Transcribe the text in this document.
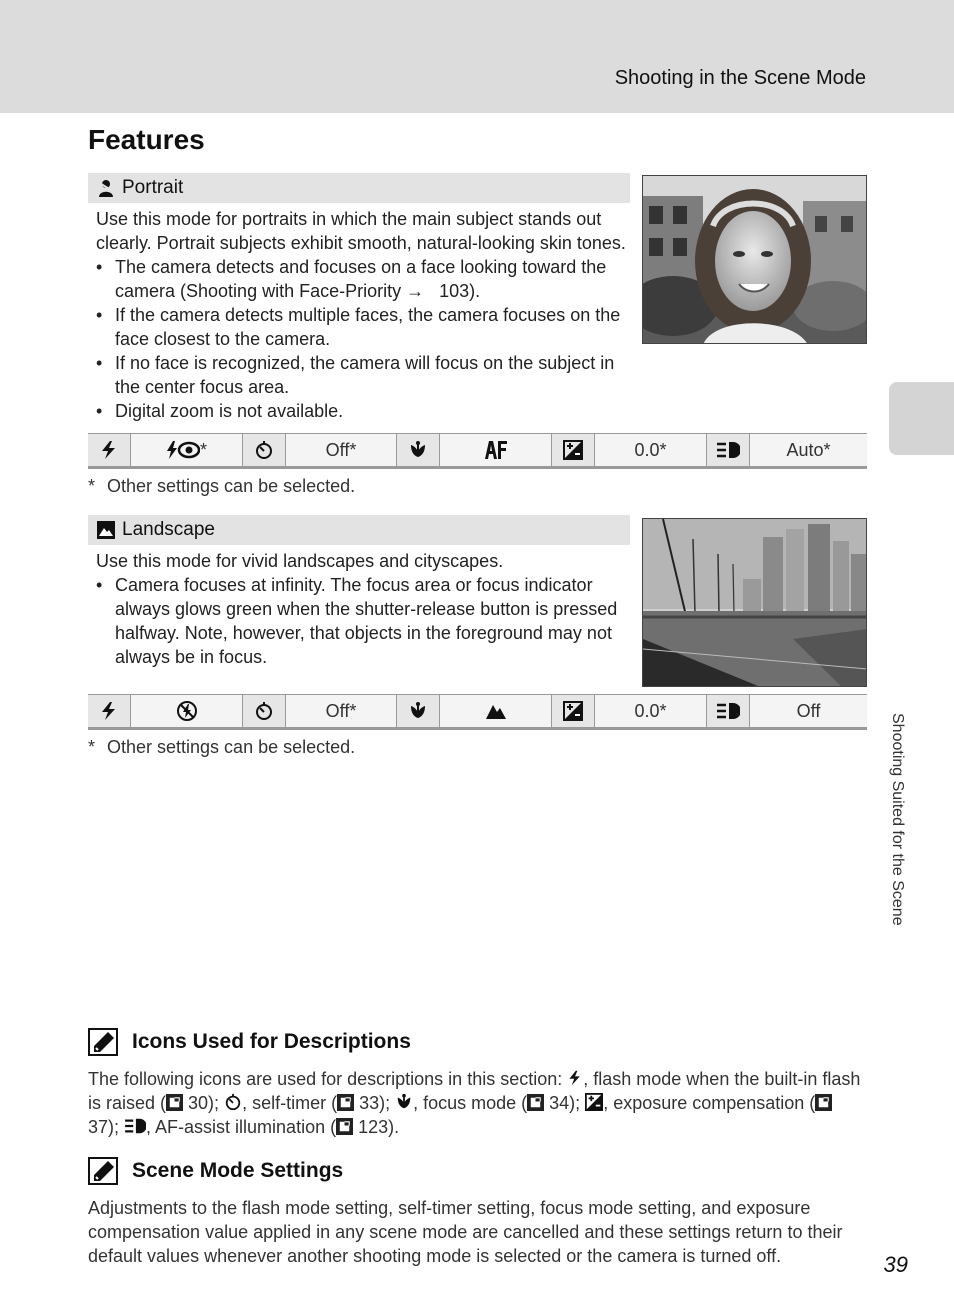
Shooting in the Scene Mode
Features
Portrait

Use this mode for portraits in which the main subject stands out clearly. Portrait subjects exhibit smooth, natural-looking skin tones.

• The camera detects and focuses on a face looking toward the camera (Shooting with Face-Priority →   103).
• If the camera detects multiple faces, the camera focuses on the face closest to the camera.
• If no face is recognized, the camera will focus on the subject in the center focus area.
• Digital zoom is not available.
*	Off*	0.0*	Auto*
* Other settings can be selected.
Landscape

Use this mode for vivid landscapes and cityscapes.

• Camera focuses at infinity. The focus area or focus indicator always glows green when the shutter-release button is pressed halfway. Note, however, that objects in the foreground may not always be in focus.
Off*	0.0*	Off
* Other settings can be selected.	Shooting Suited for the Scene
Icons Used for Descriptions

The following icons are used for descriptions in this section: , flash mode when the built-in flash is raised ( 30); , self-timer ( 33); , focus mode ( 34); , exposure compensation ( 37); , AF-assist illumination ( 123).

Scene Mode Settings

Adjustments to the flash mode setting, self-timer setting, focus mode setting, and exposure compensation value applied in any scene mode are cancelled and these settings return to their default values whenever another shooting mode is selected or the camera is turned off.	39
